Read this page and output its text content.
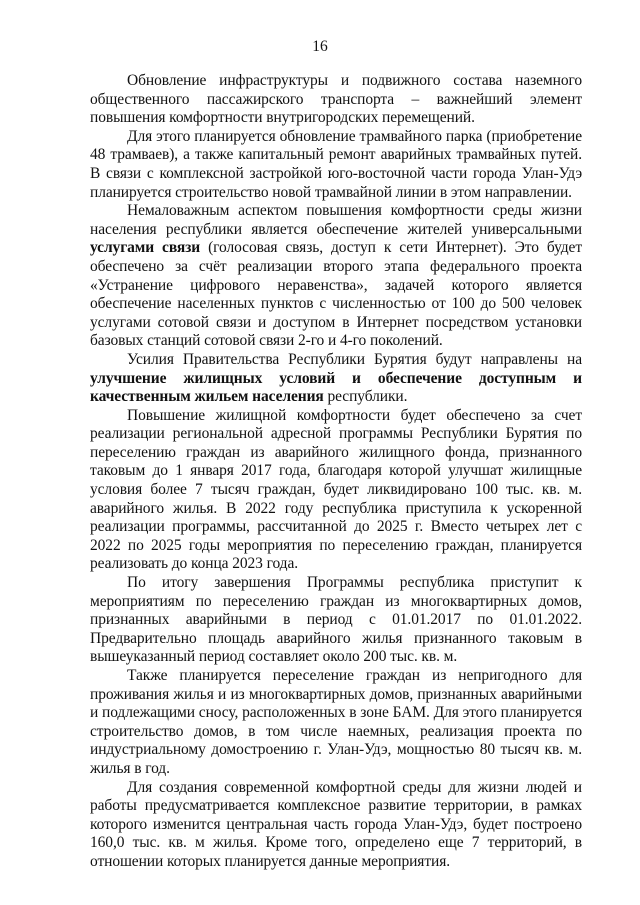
16

Обновление инфраструктуры и подвижного состава наземного общественного пассажирского транспорта – важнейший элемент повышения комфортности внутригородских перемещений.

Для этого планируется обновление трамвайного парка (приобретение 48 трамваев), а также капитальный ремонт аварийных трамвайных путей. В связи с комплексной застройкой юго-восточной части города Улан-Удэ планируется строительство новой трамвайной линии в этом направлении.

Немаловажным аспектом повышения комфортности среды жизни населения республики является обеспечение жителей универсальными услугами связи (голосовая связь, доступ к сети Интернет). Это будет обеспечено за счёт реализации второго этапа федерального проекта «Устранение цифрового неравенства», задачей которого является обеспечение населенных пунктов с численностью от 100 до 500 человек услугами сотовой связи и доступом в Интернет посредством установки базовых станций сотовой связи 2-го и 4-го поколений.

Усилия Правительства Республики Бурятия будут направлены на улучшение жилищных условий и обеспечение доступным и качественным жильем населения республики.

Повышение жилищной комфортности будет обеспечено за счет реализации региональной адресной программы Республики Бурятия по переселению граждан из аварийного жилищного фонда, признанного таковым до 1 января 2017 года, благодаря которой улучшат жилищные условия более 7 тысяч граждан, будет ликвидировано 100 тыс. кв. м. аварийного жилья. В 2022 году республика приступила к ускоренной реализации программы, рассчитанной до 2025 г. Вместо четырех лет с 2022 по 2025 годы мероприятия по переселению граждан, планируется реализовать до конца 2023 года.

По итогу завершения Программы республика приступит к мероприятиям по переселению граждан из многоквартирных домов, признанных аварийными в период с 01.01.2017 по 01.01.2022. Предварительно площадь аварийного жилья признанного таковым в вышеуказанный период составляет около 200 тыс. кв. м.

Также планируется переселение граждан из непригодного для проживания жилья и из многоквартирных домов, признанных аварийными и подлежащими сносу, расположенных в зоне БАМ. Для этого планируется строительство домов, в том числе наемных, реализация проекта по индустриальному домостроению г. Улан-Удэ, мощностью 80 тысяч кв. м. жилья в год.

Для создания современной комфортной среды для жизни людей и работы предусматривается комплексное развитие территории, в рамках которого изменится центральная часть города Улан-Удэ, будет построено 160,0 тыс. кв. м жилья. Кроме того, определено еще 7 территорий, в отношении которых планируется данные мероприятия.
